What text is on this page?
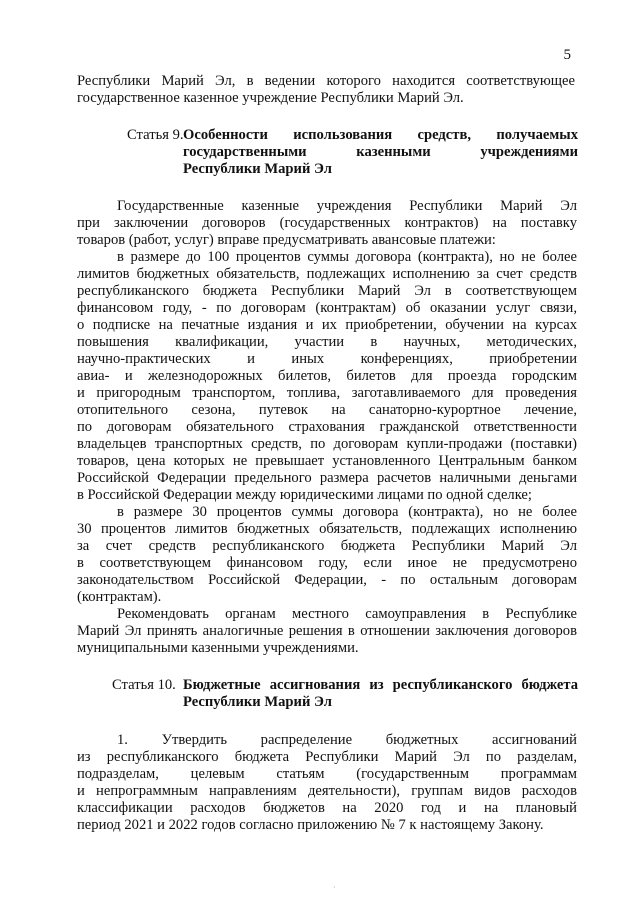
5
Республики Марий Эл, в ведении которого находится соответствующее
государственное казенное учреждение Республики Марий Эл.
Статья 9. Особенности использования средств, получаемых
государственными казенными учреждениями
Республики Марий Эл
Государственные казенные учреждения Республики Марий Эл
при заключении договоров (государственных контрактов) на поставку
товаров (работ, услуг) вправе предусматривать авансовые платежи:
в размере до 100 процентов суммы договора (контракта), но не более
лимитов бюджетных обязательств, подлежащих исполнению за счет средств
республиканского бюджета Республики Марий Эл в соответствующем
финансовом году, - по договорам (контрактам) об оказании услуг связи,
о подписке на печатные издания и их приобретении, обучении на курсах
повышения квалификации, участии в научных, методических,
научно-практических и иных конференциях, приобретении
авиа- и железнодорожных билетов, билетов для проезда городским
и пригородным транспортом, топлива, заготавливаемого для проведения
отопительного сезона, путевок на санаторно-курортное лечение,
по договорам обязательного страхования гражданской ответственности
владельцев транспортных средств, по договорам купли-продажи (поставки)
товаров, цена которых не превышает установленного Центральным банком
Российской Федерации предельного размера расчетов наличными деньгами
в Российской Федерации между юридическими лицами по одной сделке;
в размере 30 процентов суммы договора (контракта), но не более
30 процентов лимитов бюджетных обязательств, подлежащих исполнению
за счет средств республиканского бюджета Республики Марий Эл
в соответствующем финансовом году, если иное не предусмотрено
законодательством Российской Федерации, - по остальным договорам
(контрактам).
Рекомендовать органам местного самоуправления в Республике
Марий Эл принять аналогичные решения в отношении заключения договоров
муниципальными казенными учреждениями.
Статья 10. Бюджетные ассигнования из республиканского бюджета
Республики Марий Эл
1. Утвердить распределение бюджетных ассигнований
из республиканского бюджета Республики Марий Эл по разделам,
подразделам, целевым статьям (государственным программам
и непрограммным направлениям деятельности), группам видов расходов
классификации расходов бюджетов на 2020 год и на плановый
период 2021 и 2022 годов согласно приложению № 7 к настоящему Закону.
·
